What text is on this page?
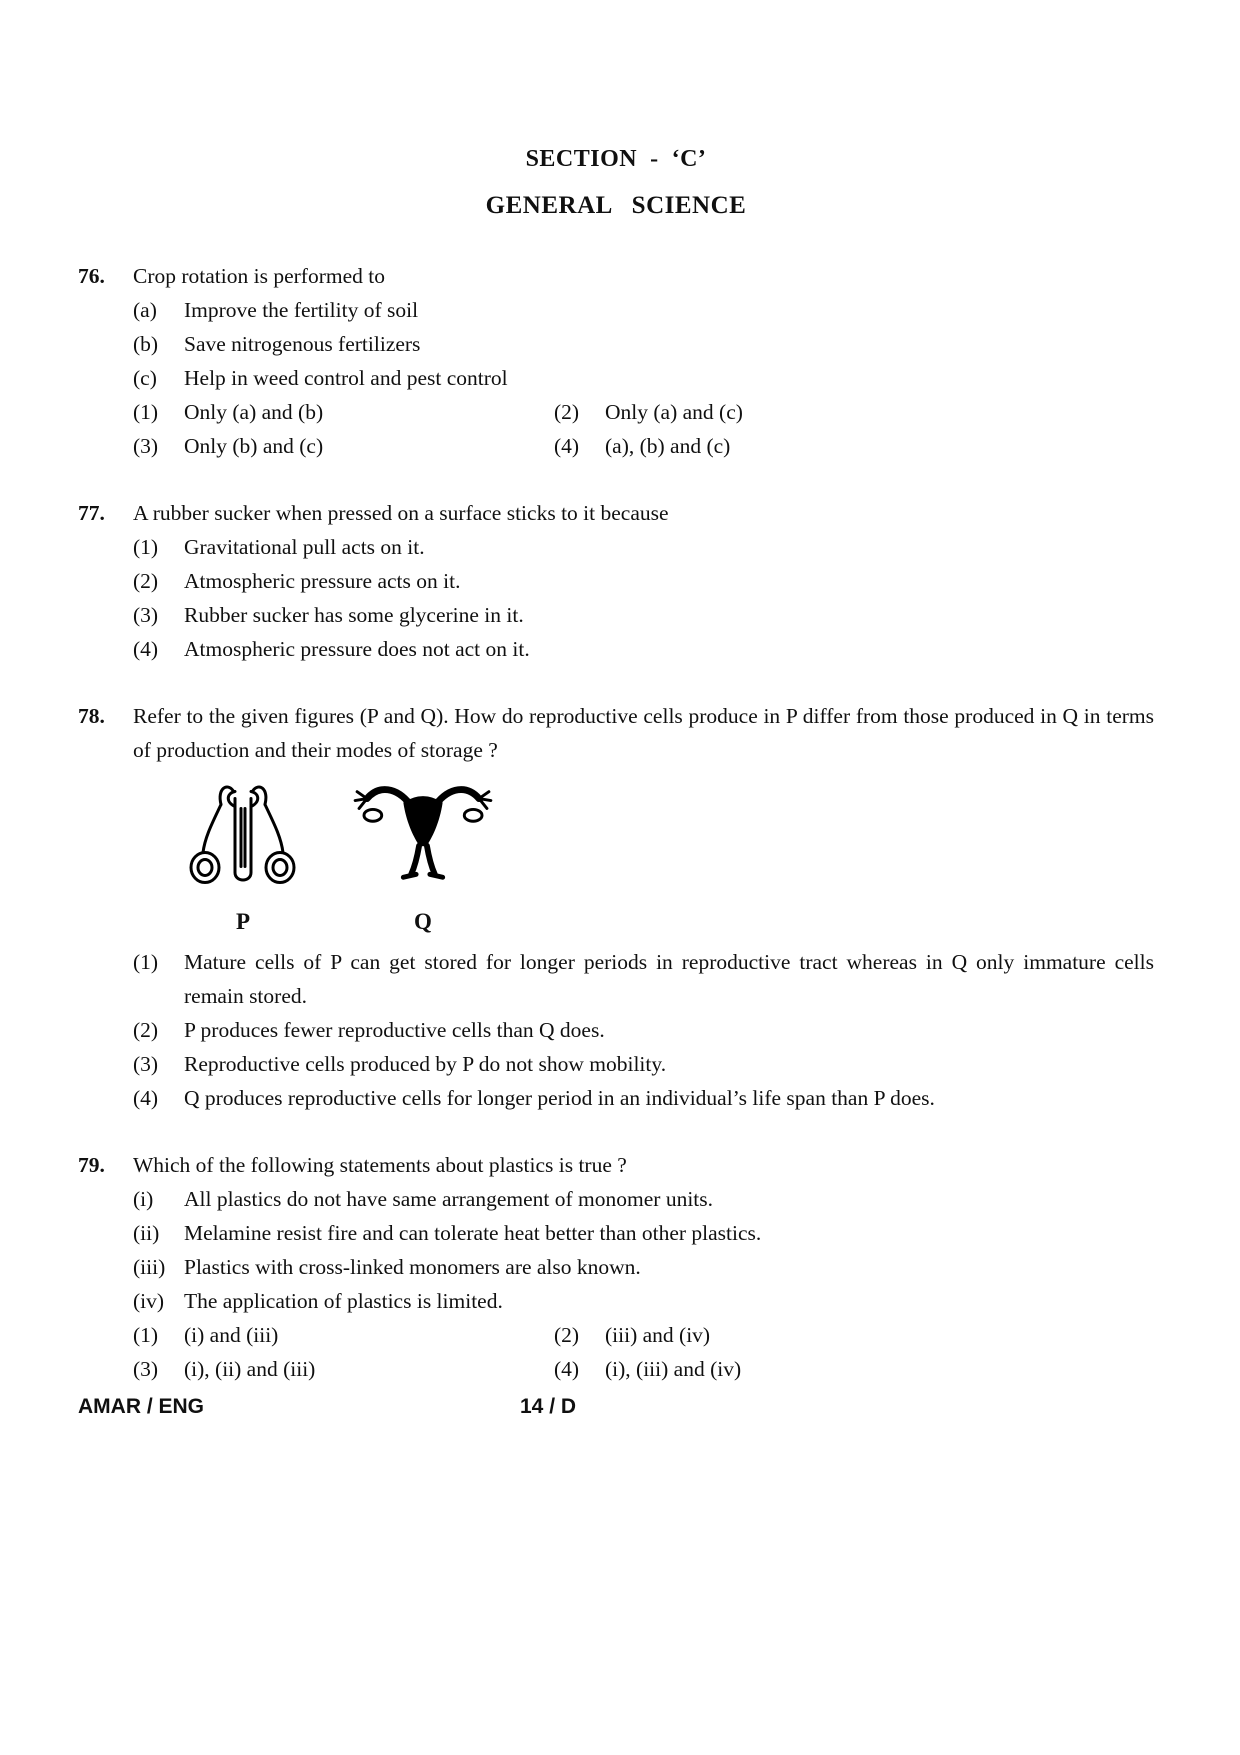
SECTION  -  ‘C’
GENERAL   SCIENCE
76.	Crop rotation is performed to
(a)	Improve the fertility of soil
(b)	Save nitrogenous fertilizers
(c)	Help in weed control and pest control
(1)	Only (a) and (b)	(2)	Only (a) and (c)
(3)	Only (b) and (c)	(4)	(a), (b) and (c)
77.	A rubber sucker when pressed on a surface sticks to it because
(1)	Gravitational pull acts on it.
(2)	Atmospheric pressure acts on it.
(3)	Rubber sucker has some glycerine in it.
(4)	Atmospheric pressure does not act on it.
78.	Refer to the given figures (P and Q). How do reproductive cells produce in P differ from those produced in Q in terms of production and their modes of storage ?
P	Q
(1)	Mature cells of P can get stored for longer periods in reproductive tract whereas in Q only immature cells remain stored.
(2)	P produces fewer reproductive cells than Q does.
(3)	Reproductive cells produced by P do not show mobility.
(4)	Q produces reproductive cells for longer period in an individual’s life span than P does.
79.	Which of the following statements about plastics is true ?
(i)	All plastics do not have same arrangement of monomer units.
(ii)	Melamine resist fire and can tolerate heat better than other plastics.
(iii) Plastics with cross-linked monomers are also known.
(iv) The application of plastics is limited.
(1)	(i) and (iii)	(2)	(iii) and (iv)
(3)	(i), (ii) and (iii)	(4)	(i), (iii) and (iv)
AMAR / ENG	14 / D
